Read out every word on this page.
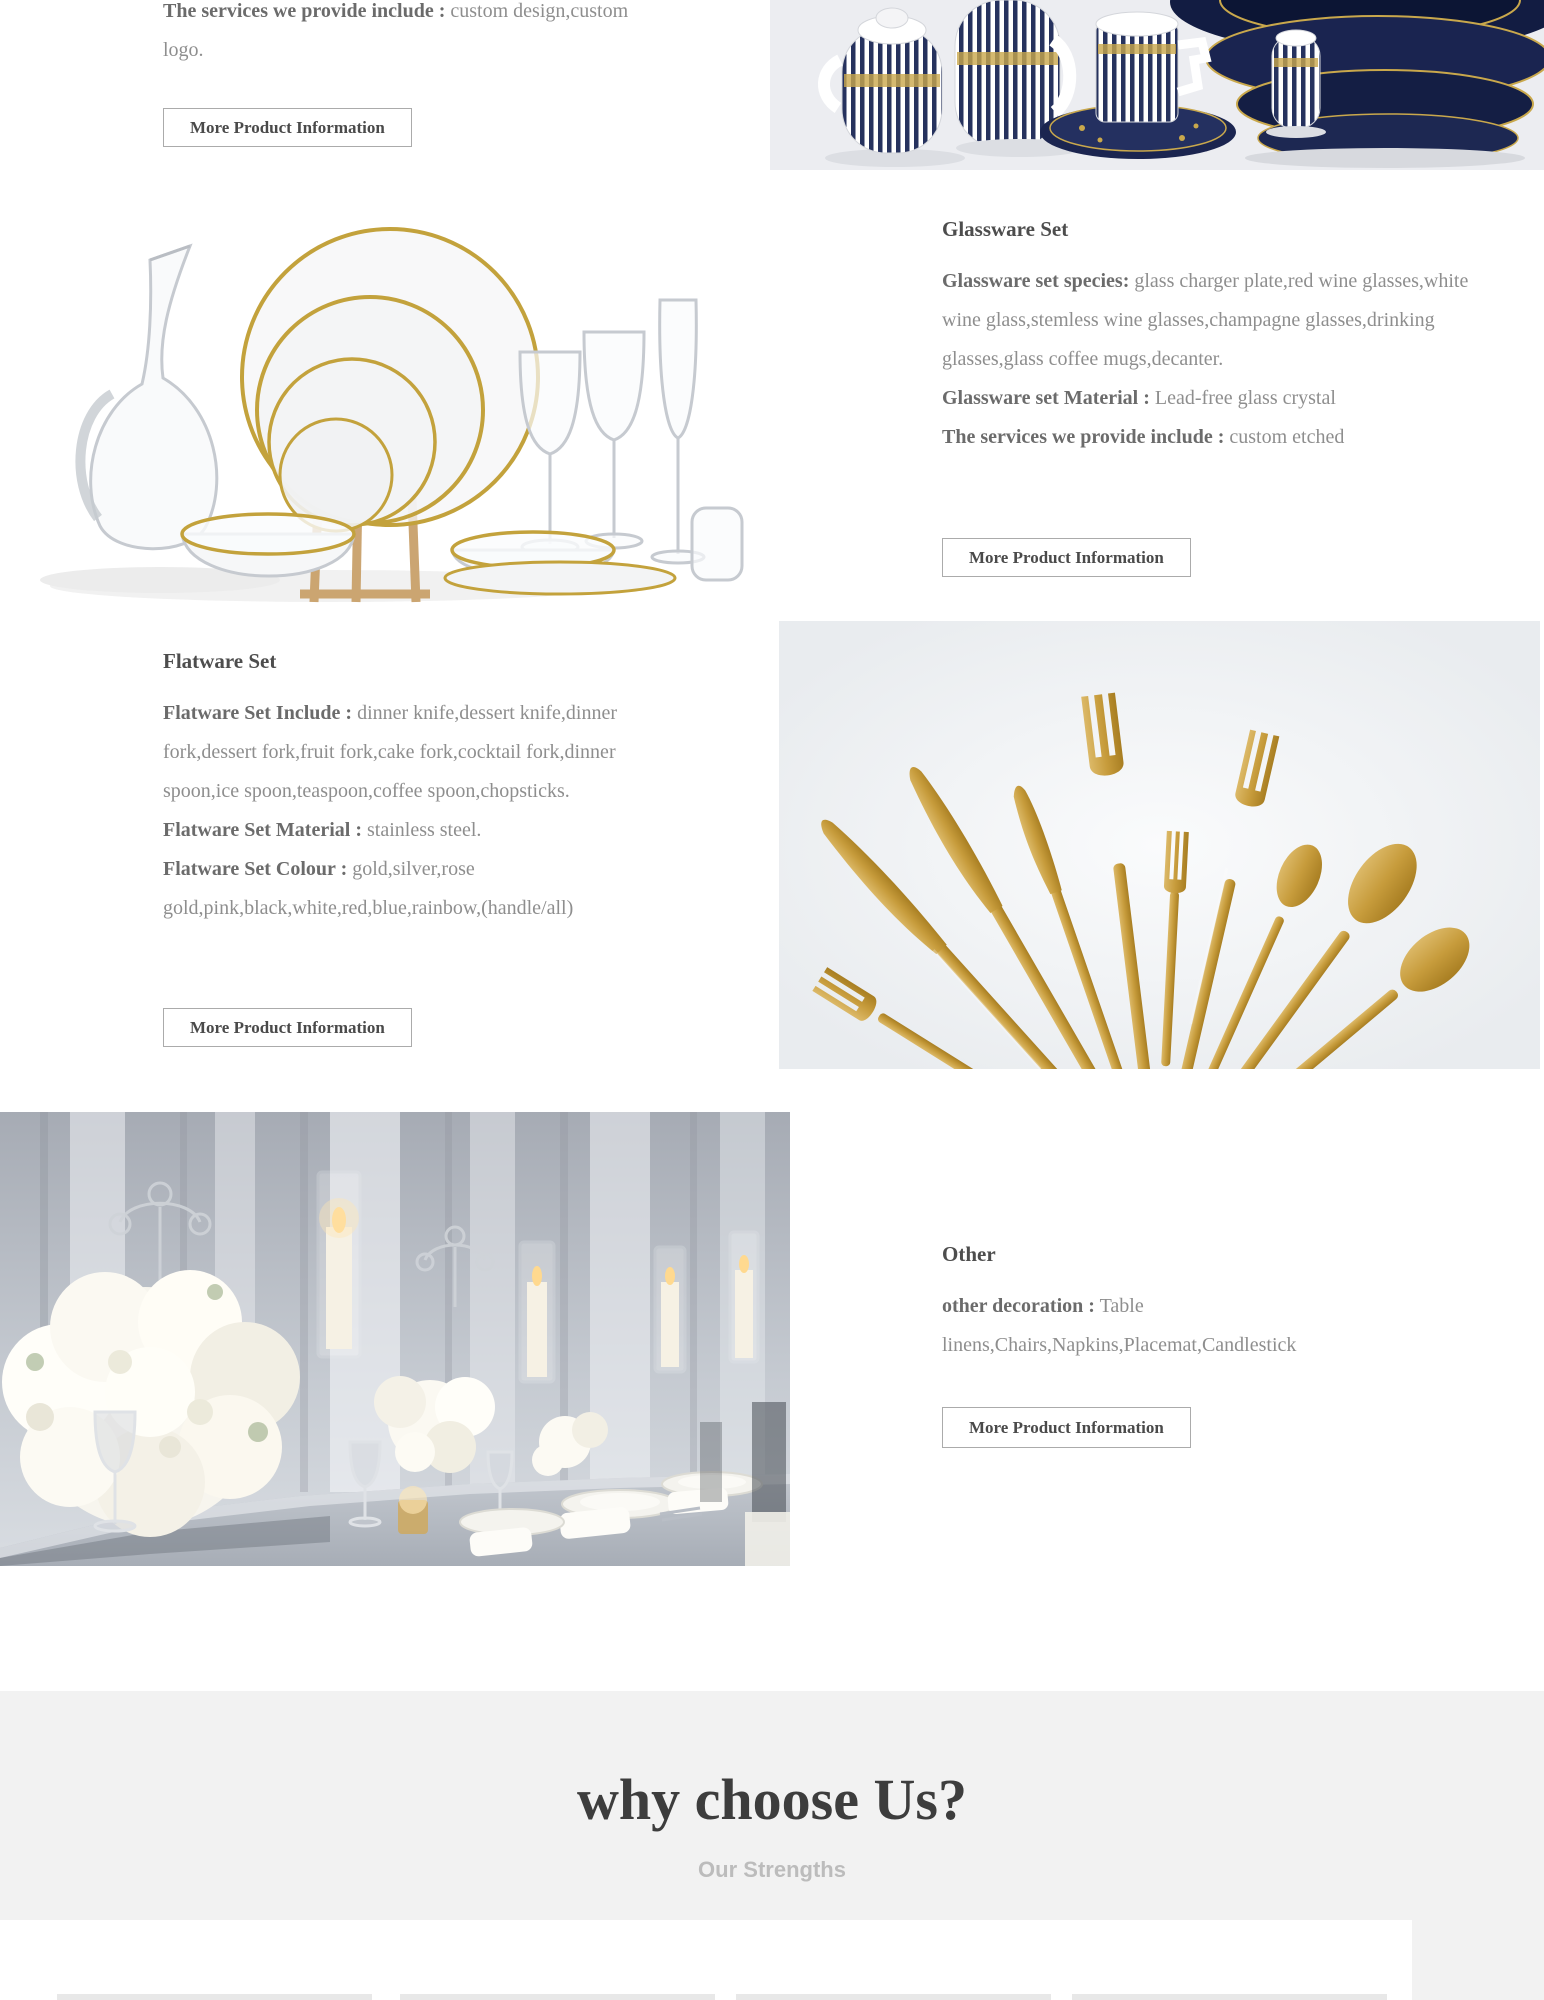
The services we provide include : custom design,custom logo.
More Product Information
Glassware Set
Glassware set species: glass charger plate,red wine glasses,white wine glass,stemless wine glasses,champagne glasses,drinking glasses,glass coffee mugs,decanter.
Glassware set Material : Lead-free glass crystal
The services we provide include : custom etched
More Product Information
Flatware Set
Flatware Set Include : dinner knife,dessert knife,dinner fork,dessert fork,fruit fork,cake fork,cocktail fork,dinner spoon,ice spoon,teaspoon,coffee spoon,chopsticks.
Flatware Set Material : stainless steel.
Flatware Set Colour : gold,silver,rose gold,pink,black,white,red,blue,rainbow,(handle/all)
More Product Information
Other
other decoration : Table linens,Chairs,Napkins,Placemat,Candlestick
More Product Information
why choose Us?
Our Strengths
